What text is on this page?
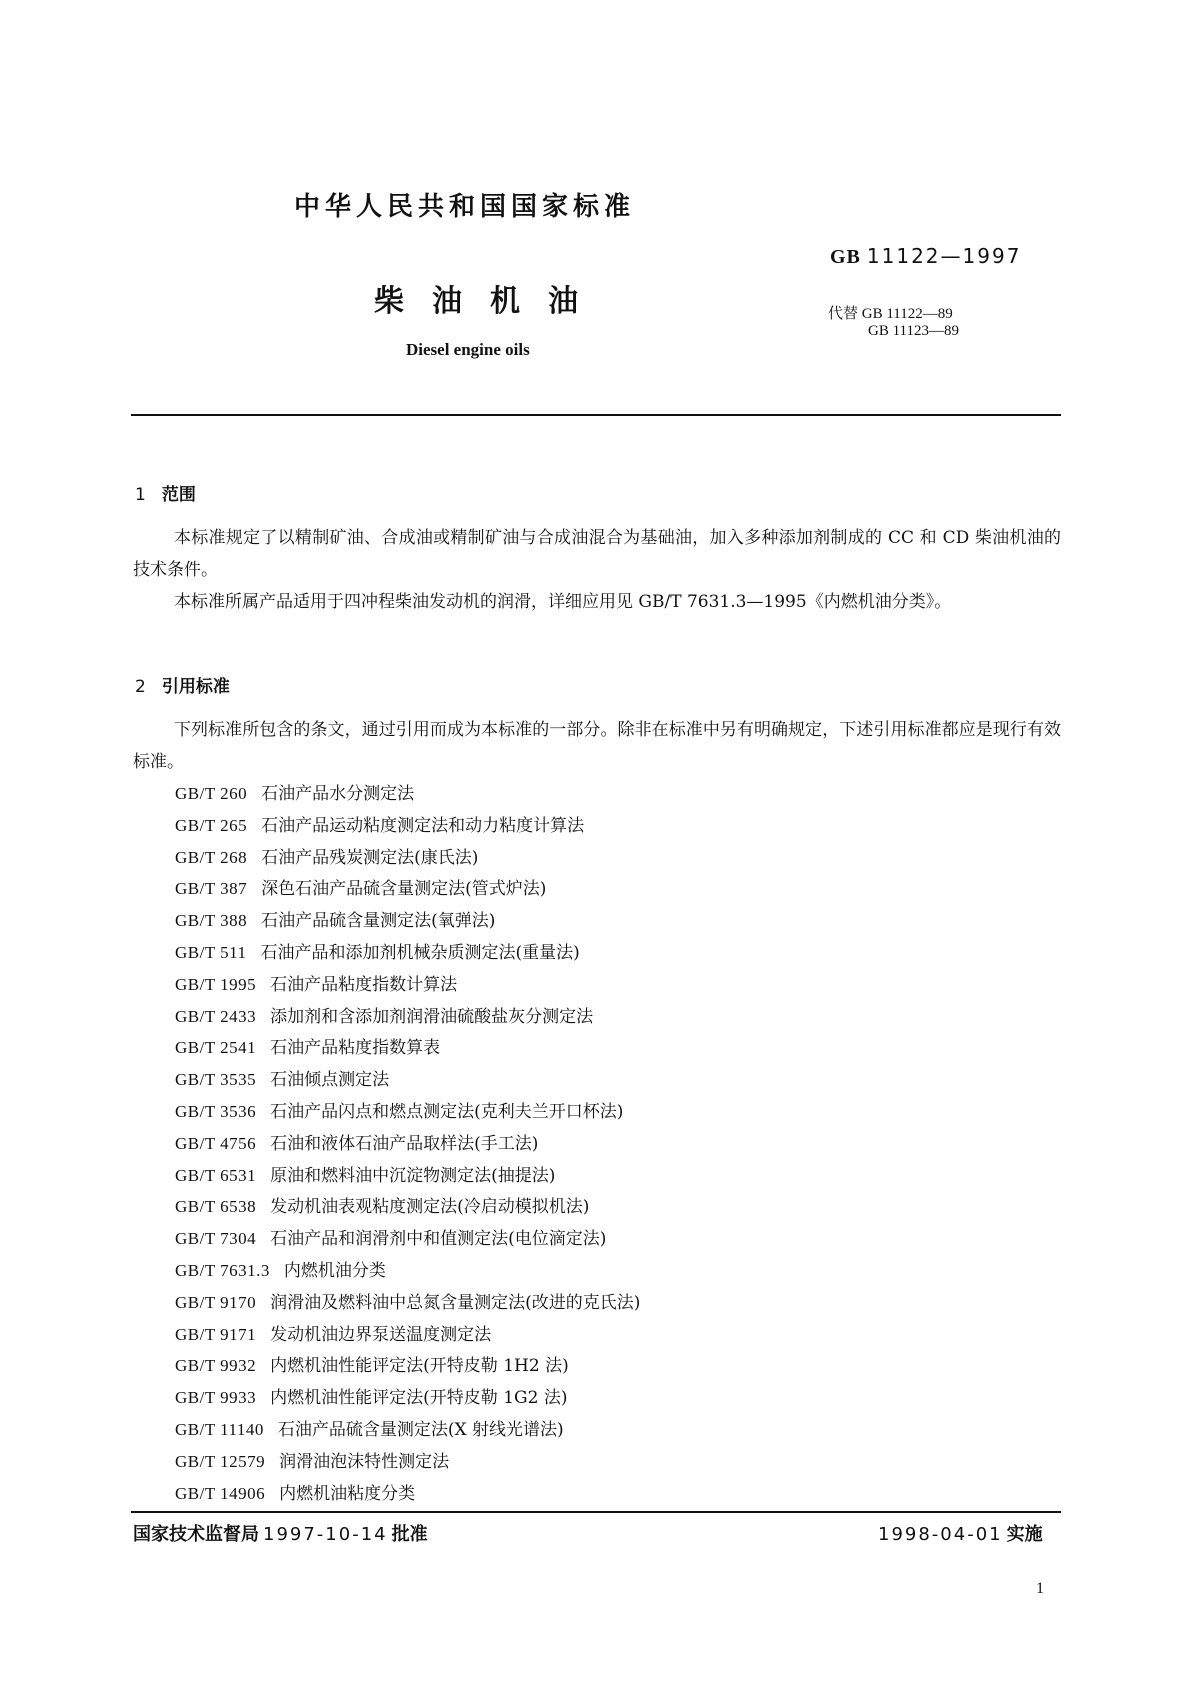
中华人民共和国国家标准
GB 11122—1997
柴油机油	代替 GB 11122—89
GB 11123—89
Diesel engine oils
1 范围

本标准规定了以精制矿油、合成油或精制矿油与合成油混合为基础油，加入多种添加剂制成的 CC 和 CD 柴油机油的技术条件。

本标准所属产品适用于四冲程柴油发动机的润滑，详细应用见 GB/T 7631.3—1995《内燃机油分类》。

2 引用标准

下列标准所包含的条文，通过引用而成为本标准的一部分。除非在标准中另有明确规定，下述引用标准都应是现行有效标准。

GB/T 260 石油产品水分测定法
GB/T 265 石油产品运动粘度测定法和动力粘度计算法
GB/T 268 石油产品残炭测定法(康氏法)
GB/T 387 深色石油产品硫含量测定法(管式炉法)
GB/T 388 石油产品硫含量测定法(氧弹法)
GB/T 511 石油产品和添加剂机械杂质测定法(重量法)
GB/T 1995 石油产品粘度指数计算法
GB/T 2433 添加剂和含添加剂润滑油硫酸盐灰分测定法
GB/T 2541 石油产品粘度指数算表
GB/T 3535 石油倾点测定法
GB/T 3536 石油产品闪点和燃点测定法(克利夫兰开口杯法)
GB/T 4756 石油和液体石油产品取样法(手工法)
GB/T 6531 原油和燃料油中沉淀物测定法(抽提法)
GB/T 6538 发动机油表观粘度测定法(冷启动模拟机法)
GB/T 7304 石油产品和润滑剂中和值测定法(电位滴定法)
GB/T 7631.3 内燃机油分类
GB/T 9170 润滑油及燃料油中总氮含量测定法(改进的克氏法)
GB/T 9171 发动机油边界泵送温度测定法
GB/T 9932 内燃机油性能评定法(开特皮勒 1H2 法)
GB/T 9933 内燃机油性能评定法(开特皮勒 1G2 法)
GB/T 11140 石油产品硫含量测定法(X 射线光谱法)
GB/T 12579 润滑油泡沫特性测定法
GB/T 14906 内燃机油粘度分类
国家技术监督局 1997-10-14 批准	1998-04-01 实施
1
